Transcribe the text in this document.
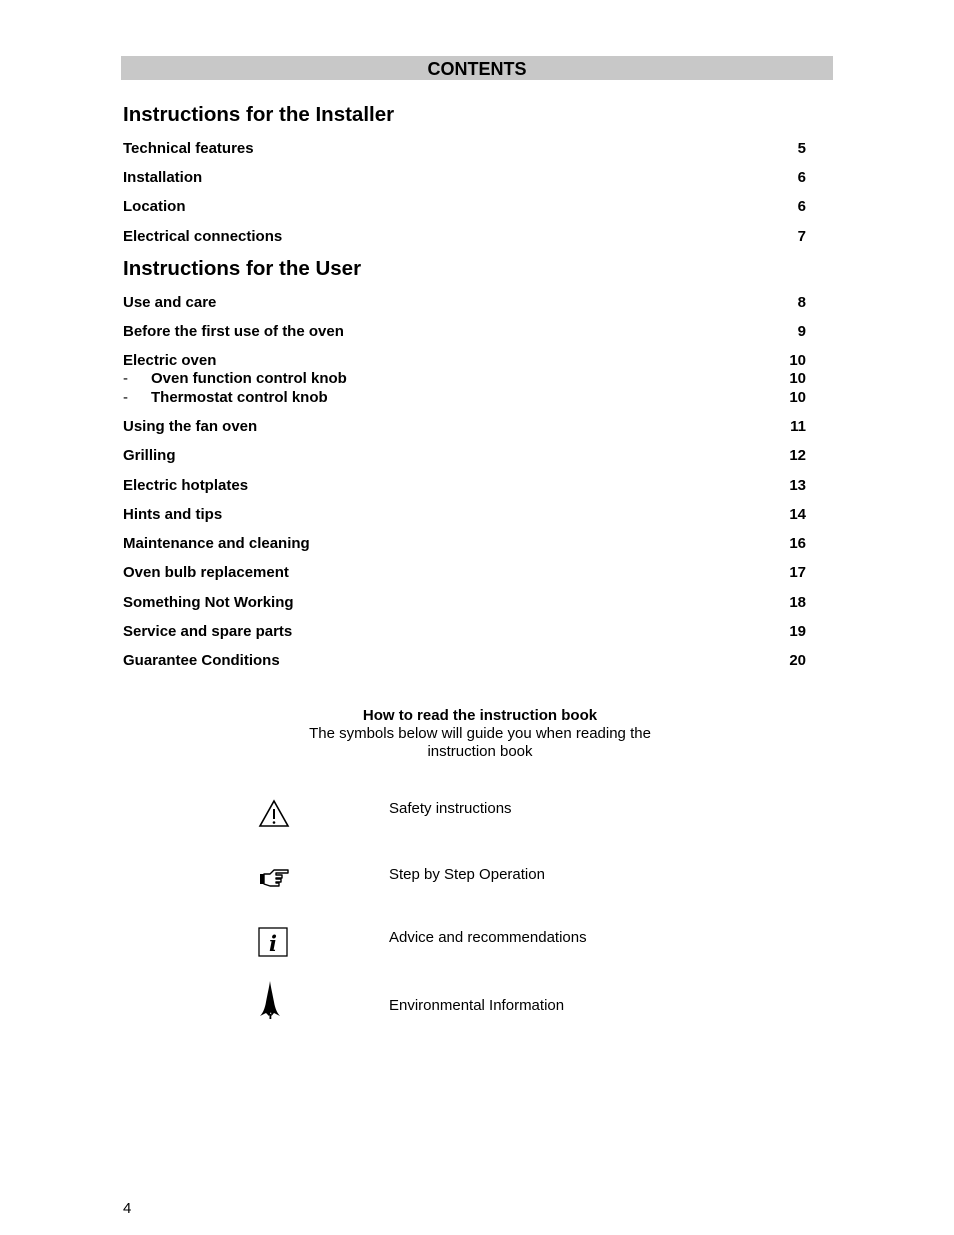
CONTENTS
Instructions for the Installer
Technical features	5
Installation	6
Location	6
Electrical connections	7
Instructions for the User
Use and care	8
Before the first use of the oven	9
Electric oven	10
- Oven function control knob	10
- Thermostat control knob	10
Using the fan oven	11
Grilling	12
Electric hotplates	13
Hints and tips	14
Maintenance and cleaning	16
Oven bulb replacement	17
Something Not Working	18
Service and spare parts	19
Guarantee Conditions	20
How to read the instruction book
The symbols below will guide you when reading the
instruction book
Safety instructions
Step by Step Operation
i	Advice and recommendations
Environmental Information
4
